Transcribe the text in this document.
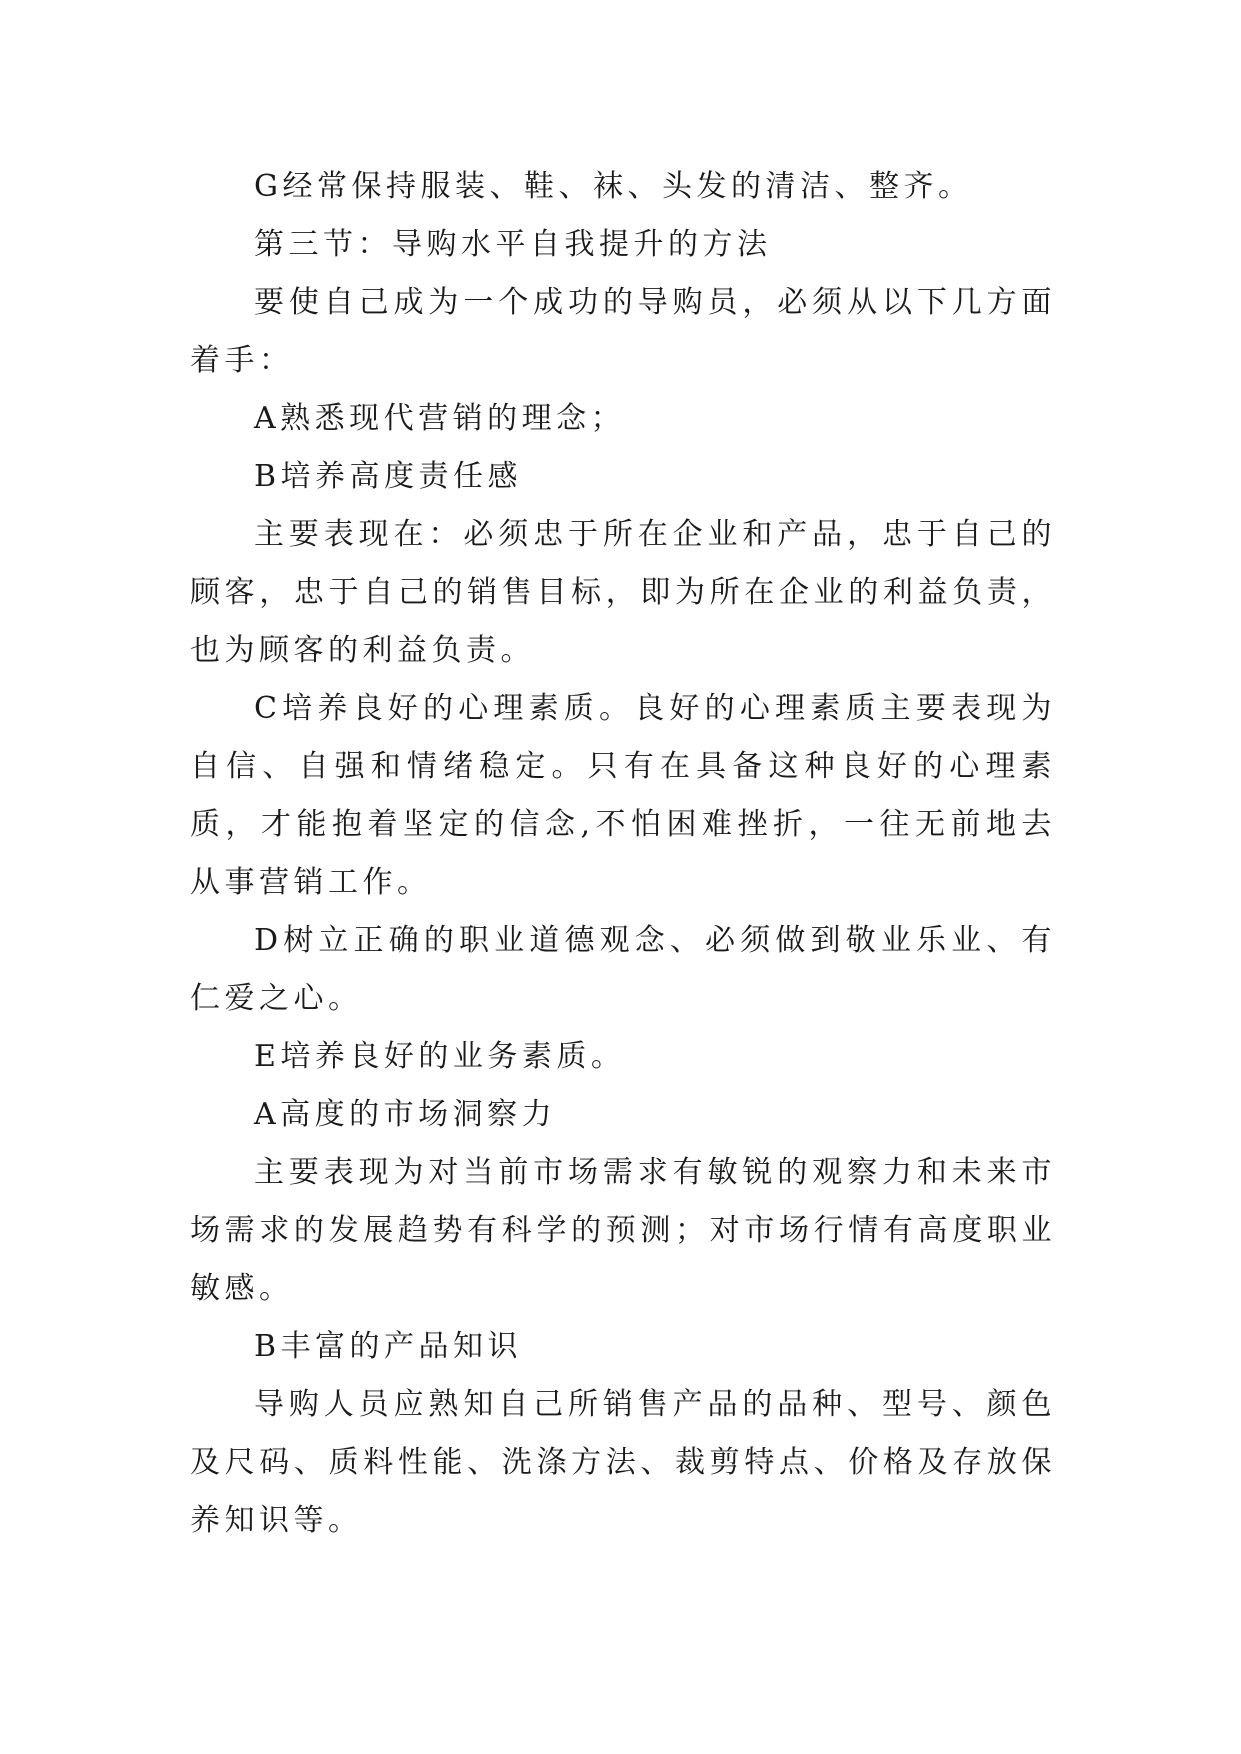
G经常保持服装、鞋、袜、头发的清洁、整齐。

第三节：导购水平自我提升的方法

要使自己成为一个成功的导购员，必须从以下几方面着手：

A熟悉现代营销的理念；

B培养高度责任感

主要表现在：必须忠于所在企业和产品，忠于自己的顾客，忠于自己的销售目标，即为所在企业的利益负责，也为顾客的利益负责。

C培养良好的心理素质。良好的心理素质主要表现为自信、自强和情绪稳定。只有在具备这种良好的心理素质，才能抱着坚定的信念,不怕困难挫折，一往无前地去从事营销工作。

D树立正确的职业道德观念、必须做到敬业乐业、有仁爱之心。

E培养良好的业务素质。

A高度的市场洞察力

主要表现为对当前市场需求有敏锐的观察力和未来市场需求的发展趋势有科学的预测；对市场行情有高度职业敏感。

B丰富的产品知识

导购人员应熟知自己所销售产品的品种、型号、颜色及尺码、质料性能、洗涤方法、裁剪特点、价格及存放保养知识等。
